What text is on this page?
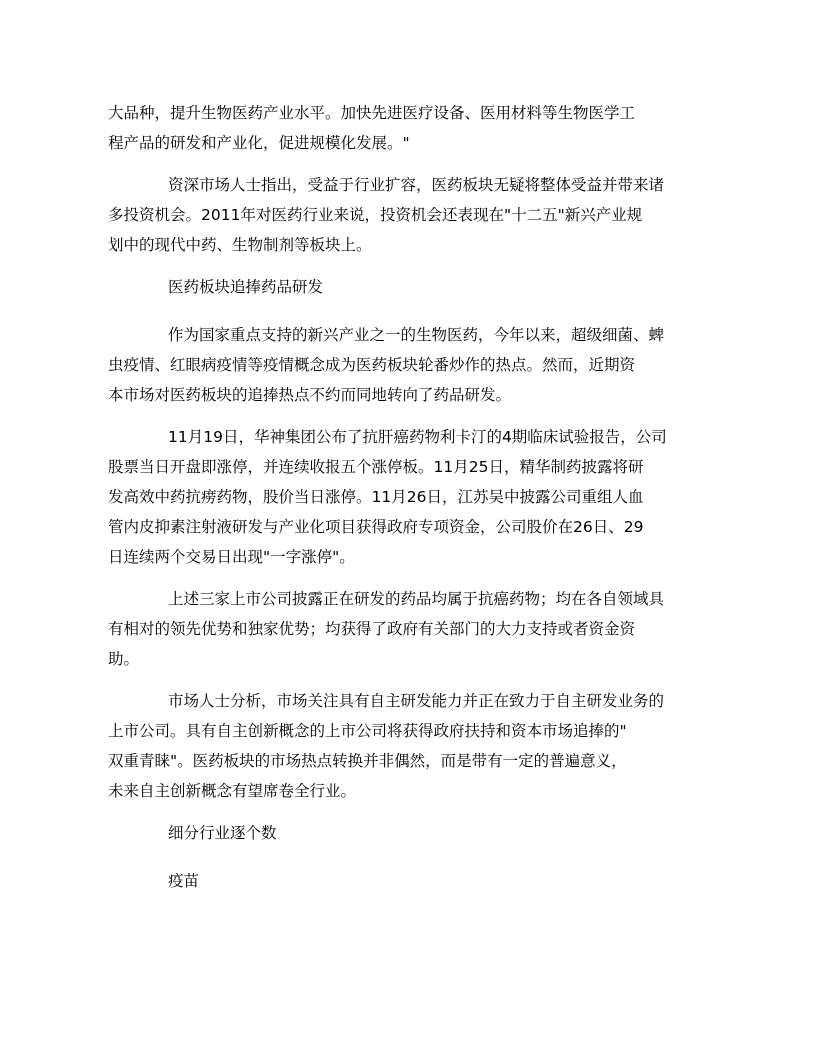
大品种，提升生物医药产业水平。加快先进医疗设备、医用材料等生物医学工
程产品的研发和产业化，促进规模化发展。"

资深市场人士指出，受益于行业扩容，医药板块无疑将整体受益并带来诸
多投资机会。2011年对医药行业来说，投资机会还表现在"十二五"新兴产业规
划中的现代中药、生物制剂等板块上。

医药板块追捧药品研发

作为国家重点支持的新兴产业之一的生物医药，今年以来，超级细菌、蜱
虫疫情、红眼病疫情等疫情概念成为医药板块轮番炒作的热点。然而，近期资
本市场对医药板块的追捧热点不约而同地转向了药品研发。

11月19日，华神集团公布了抗肝癌药物利卡汀的4期临床试验报告，公司
股票当日开盘即涨停，并连续收报五个涨停板。11月25日，精华制药披露将研
发高效中药抗痨药物，股价当日涨停。11月26日，江苏吴中披露公司重组人血
管内皮抑素注射液研发与产业化项目获得政府专项资金，公司股价在26日、29
日连续两个交易日出现"一字涨停"。

上述三家上市公司披露正在研发的药品均属于抗癌药物；均在各自领域具
有相对的领先优势和独家优势；均获得了政府有关部门的大力支持或者资金资
助。

市场人士分析，市场关注具有自主研发能力并正在致力于自主研发业务的
上市公司。具有自主创新概念的上市公司将获得政府扶持和资本市场追捧的"
双重青睐"。医药板块的市场热点转换并非偶然，而是带有一定的普遍意义，
未来自主创新概念有望席卷全行业。

细分行业逐个数

疫苗
